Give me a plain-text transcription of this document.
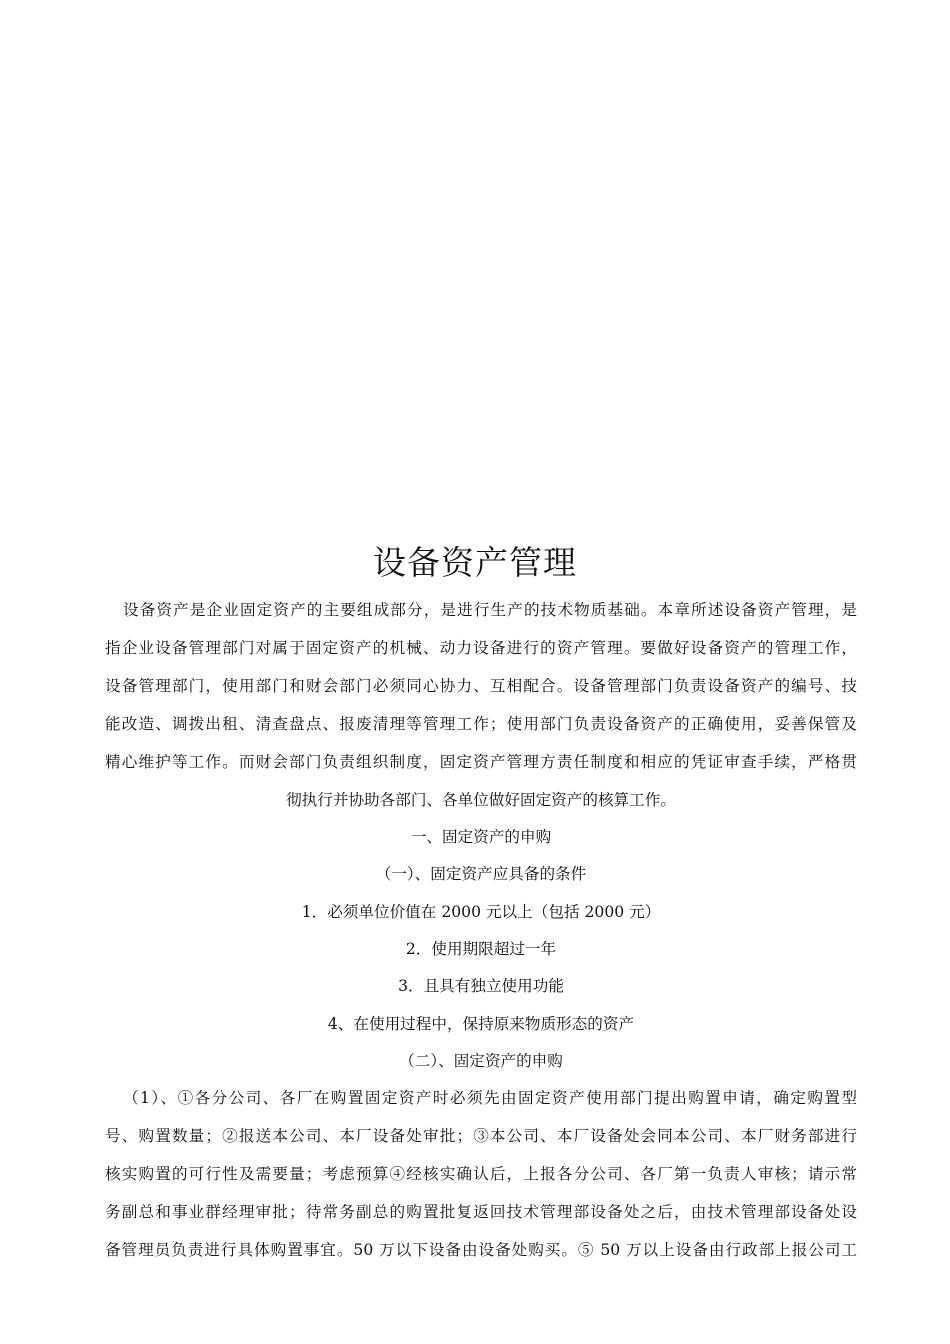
设备资产管理
设备资产是企业固定资产的主要组成部分，是进行生产的技术物质基础。本章所述设备资产管理，是
指企业设备管理部门对属于固定资产的机械、动力设备进行的资产管理。要做好设备资产的管理工作，
设备管理部门，使用部门和财会部门必须同心协力、互相配合。设备管理部门负责设备资产的编号、技
能改造、调拨出租、清查盘点、报废清理等管理工作；使用部门负责设备资产的正确使用，妥善保管及
精心维护等工作。而财会部门负责组织制度，固定资产管理方责任制度和相应的凭证审查手续，严格贯
彻执行并协助各部门、各单位做好固定资产的核算工作。
一、固定资产的申购
（一）、固定资产应具备的条件
1．必须单位价值在 2000 元以上（包括 2000 元）
2．使用期限超过一年
3．且具有独立使用功能
4、在使用过程中，保持原来物质形态的资产
（二）、固定资产的申购
（1）、①各分公司、各厂在购置固定资产时必须先由固定资产使用部门提出购置申请，确定购置型
号、购置数量；②报送本公司、本厂设备处审批；③本公司、本厂设备处会同本公司、本厂财务部进行
核实购置的可行性及需要量；考虑预算④经核实确认后，上报各分公司、各厂第一负责人审核；请示常
务副总和事业群经理审批；待常务副总的购置批复返回技术管理部设备处之后，由技术管理部设备处设
备管理员负责进行具体购置事宜。50 万以下设备由设备处购买。⑤ 50 万以上设备由行政部上报公司工
